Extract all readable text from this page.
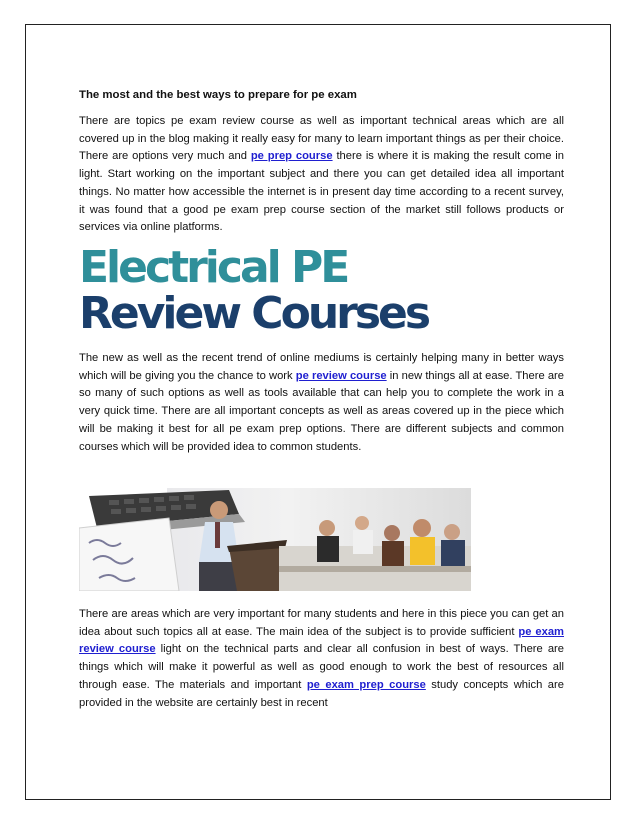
The most and the best ways to prepare for pe exam

There are topics pe exam review course as well as important technical areas which are all covered up in the blog making it really easy for many to learn important things as per their choice. There are options very much and pe prep course there is where it is making the result come in light. Start working on the important subject and there you can get detailed idea all important things. No matter how accessible the internet is in present day time according to a recent survey, it was found that a good pe exam prep course section of the market still follows products or services via online platforms.

Electrical PE
Review Courses

The new as well as the recent trend of online mediums is certainly helping many in better ways which will be giving you the chance to work pe review course in new things all at ease. There are so many of such options as well as tools available that can help you to complete the work in a very quick time. There are all important concepts as well as areas covered up in the piece which will be making it best for all pe exam prep options. There are different subjects and common courses which will be provided idea to common students.

There are areas which are very important for many students and here in this piece you can get an idea about such topics all at ease. The main idea of the subject is to provide sufficient pe exam review course light on the technical parts and clear all confusion in best of ways. There are things which will make it powerful as well as good enough to work the best of resources all through ease. The materials and important pe exam prep course study concepts which are provided in the website are certainly best in recent
